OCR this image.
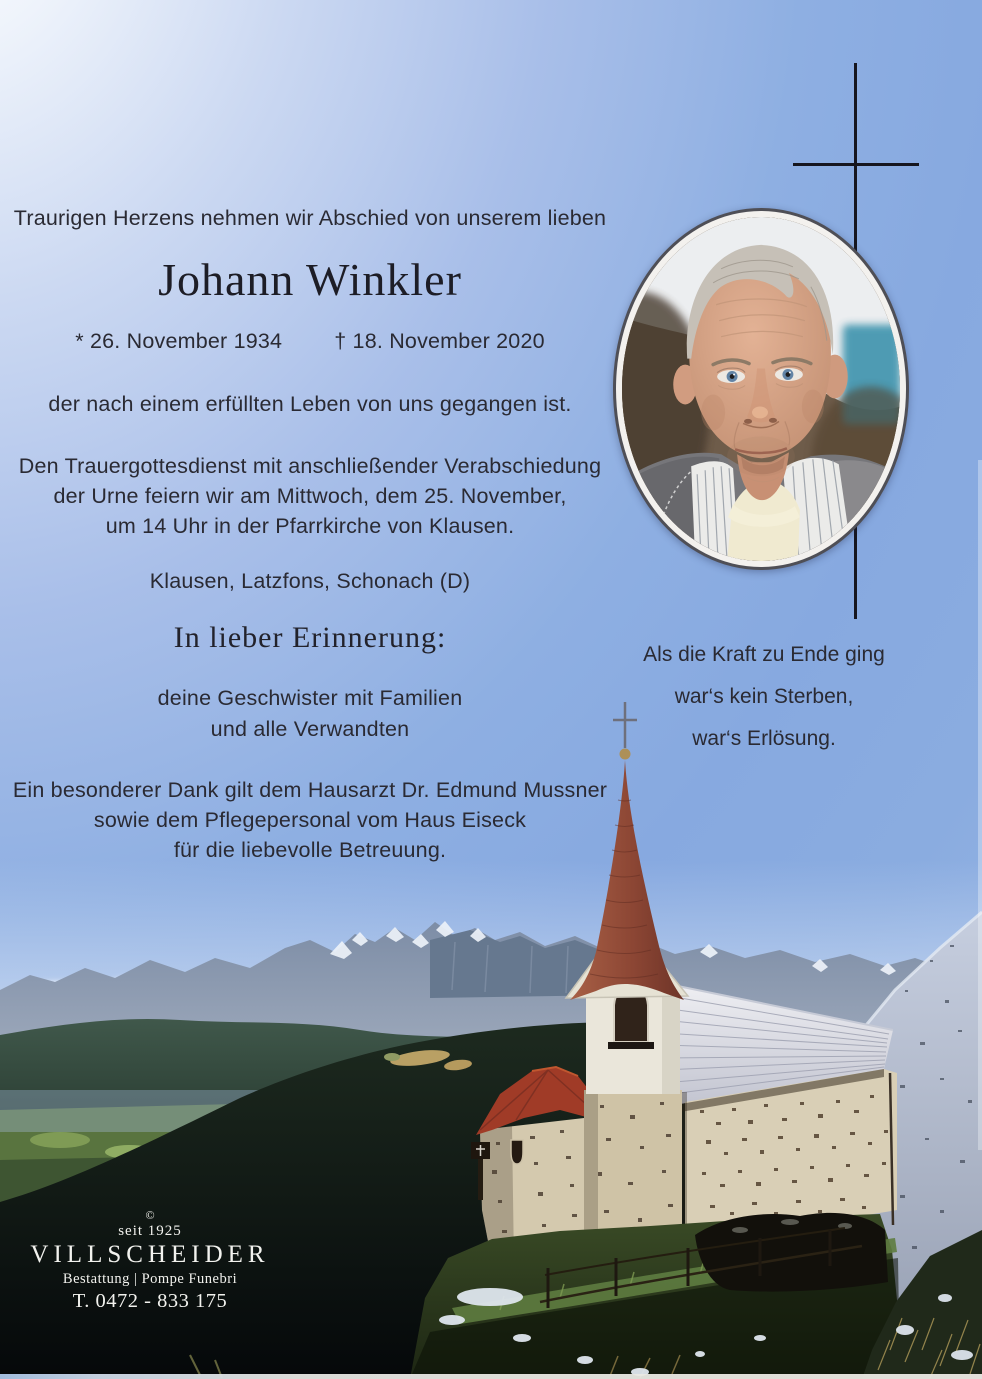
Traurigen Herzens nehmen wir Abschied von unserem lieben
Johann Winkler
* 26. November 1934 † 18. November 2020
der nach einem erfüllten Leben von uns gegangen ist.
Den Trauergottesdienst mit anschließender Verabschiedung
der Urne feiern wir am Mittwoch, dem 25. November,
um 14 Uhr in der Pfarrkirche von Klausen.
Klausen, Latzfons, Schonach (D)
In lieber Erinnerung:
deine Geschwister mit Familien
und alle Verwandten
Ein besonderer Dank gilt dem Hausarzt Dr. Edmund Mussner
sowie dem Pflegepersonal vom Haus Eiseck
für die liebevolle Betreuung.
Als die Kraft zu Ende ging
war‘s kein Sterben,
war‘s Erlösung.
©
seit 1925
VILLSCHEIDER
Bestattung | Pompe Funebri
T. 0472 - 833 175
